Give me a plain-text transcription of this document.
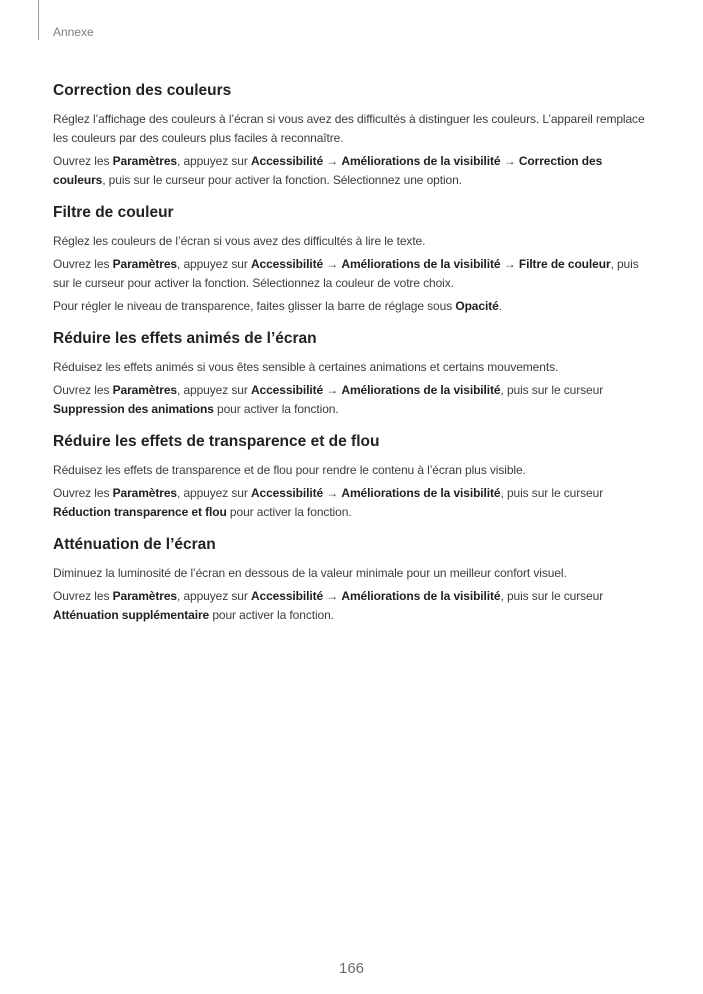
Annexe
Correction des couleurs

Réglez l’affichage des couleurs à l’écran si vous avez des difficultés à distinguer les couleurs. L’appareil remplace les couleurs par des couleurs plus faciles à reconnaître.

Ouvrez les Paramètres, appuyez sur Accessibilité → Améliorations de la visibilité → Correction des couleurs, puis sur le curseur pour activer la fonction. Sélectionnez une option.

Filtre de couleur

Réglez les couleurs de l’écran si vous avez des difficultés à lire le texte.

Ouvrez les Paramètres, appuyez sur Accessibilité → Améliorations de la visibilité → Filtre de couleur, puis sur le curseur pour activer la fonction. Sélectionnez la couleur de votre choix.

Pour régler le niveau de transparence, faites glisser la barre de réglage sous Opacité.

Réduire les effets animés de l’écran

Réduisez les effets animés si vous êtes sensible à certaines animations et certains mouvements.

Ouvrez les Paramètres, appuyez sur Accessibilité → Améliorations de la visibilité, puis sur le curseur Suppression des animations pour activer la fonction.

Réduire les effets de transparence et de flou

Réduisez les effets de transparence et de flou pour rendre le contenu à l’écran plus visible.

Ouvrez les Paramètres, appuyez sur Accessibilité → Améliorations de la visibilité, puis sur le curseur Réduction transparence et flou pour activer la fonction.

Atténuation de l’écran

Diminuez la luminosité de l’écran en dessous de la valeur minimale pour un meilleur confort visuel.

Ouvrez les Paramètres, appuyez sur Accessibilité → Améliorations de la visibilité, puis sur le curseur Atténuation supplémentaire pour activer la fonction.

166
